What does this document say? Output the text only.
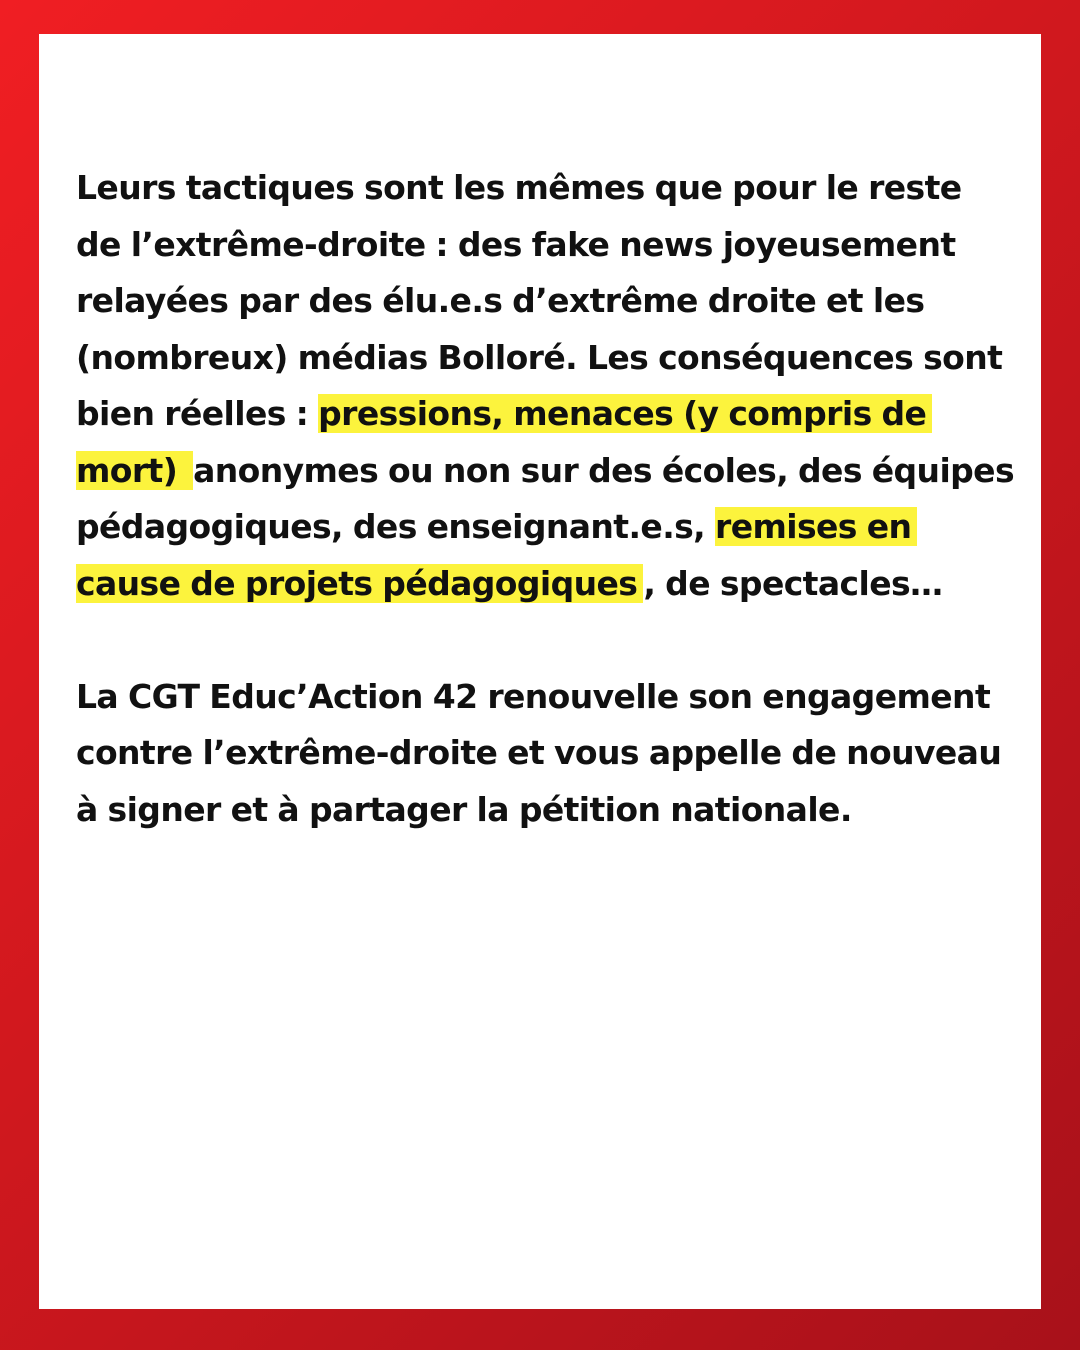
Leurs tactiques sont les mêmes que pour le reste de l’extrême-droite : des fake news joyeusement relayées par des élu.e.s d’extrême droite et les (nombreux) médias Bolloré. Les conséquences sont bien réelles : pressions, menaces (y compris de mort) anonymes ou non sur des écoles, des équipes pédagogiques, des enseignant.e.s, remises en cause de projets pédagogiques , de spectacles…

La CGT Educ’Action 42 renouvelle son engagement contre l’extrême-droite et vous appelle de nouveau à signer et à partager la pétition nationale.
